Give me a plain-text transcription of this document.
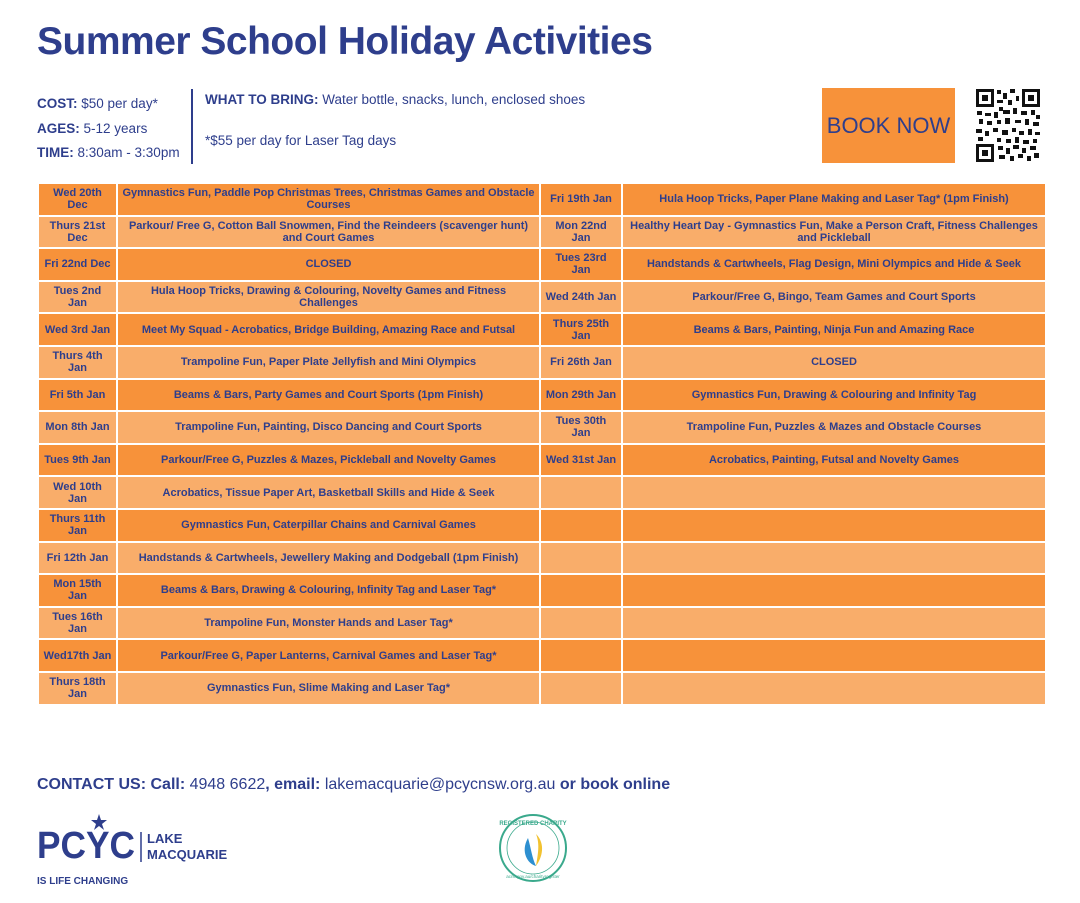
Summer School Holiday Activities
COST: $50 per day*
AGES: 5-12 years
TIME: 8:30am - 3:30pm
WHAT TO BRING: Water bottle, snacks, lunch, enclosed shoes
*$55 per day for Laser Tag days
BOOK NOW
Wed 20th Dec	Gymnastics Fun, Paddle Pop Christmas Trees, Christmas Games and Obstacle Courses	Fri 19th Jan	Hula Hoop Tricks, Paper Plane Making and Laser Tag* (1pm Finish)
Thurs 21st Dec	Parkour/ Free G, Cotton Ball Snowmen, Find the Reindeers (scavenger hunt) and Court Games	Mon 22nd Jan	Healthy Heart Day - Gymnastics Fun, Make a Person Craft, Fitness Challenges and Pickleball
Fri 22nd Dec	CLOSED	Tues 23rd Jan	Handstands & Cartwheels, Flag Design, Mini Olympics and Hide & Seek
Tues 2nd Jan	Hula Hoop Tricks, Drawing & Colouring, Novelty Games and Fitness Challenges	Wed 24th Jan	Parkour/Free G, Bingo, Team Games and Court Sports
Wed 3rd Jan	Meet My Squad - Acrobatics, Bridge Building, Amazing Race and Futsal	Thurs 25th Jan	Beams & Bars, Painting, Ninja Fun and Amazing Race
Thurs 4th Jan	Trampoline Fun, Paper Plate Jellyfish and Mini Olympics	Fri 26th Jan	CLOSED
Fri 5th Jan	Beams & Bars, Party Games and Court Sports (1pm Finish)	Mon 29th Jan	Gymnastics Fun, Drawing & Colouring and Infinity Tag
Mon 8th Jan	Trampoline Fun, Painting, Disco Dancing and Court Sports	Tues 30th Jan	Trampoline Fun, Puzzles & Mazes and Obstacle Courses
Tues 9th Jan	Parkour/Free G, Puzzles & Mazes, Pickleball and Novelty Games	Wed 31st Jan	Acrobatics, Painting, Futsal and Novelty Games
Wed 10th Jan	Acrobatics, Tissue Paper Art, Basketball Skills and Hide & Seek		
Thurs 11th Jan	Gymnastics Fun, Caterpillar Chains and Carnival Games		
Fri 12th Jan	Handstands & Cartwheels, Jewellery Making and Dodgeball (1pm Finish)		
Mon 15th Jan	Beams & Bars, Drawing & Colouring, Infinity Tag and Laser Tag*		
Tues 16th Jan	Trampoline Fun, Monster Hands and Laser Tag*		
Wed17th Jan	Parkour/Free G, Paper Lanterns, Carnival Games and Laser Tag*		
Thurs 18th Jan	Gymnastics Fun, Slime Making and Laser Tag*		
CONTACT US: Call: 4948 6622, email: lakemacquarie@pcycnsw.org.au or book online
PCYC LAKE
MACQUARIE
IS LIFE CHANGING
REGISTERED CHARITY
acnc.gov.au/charityregister
